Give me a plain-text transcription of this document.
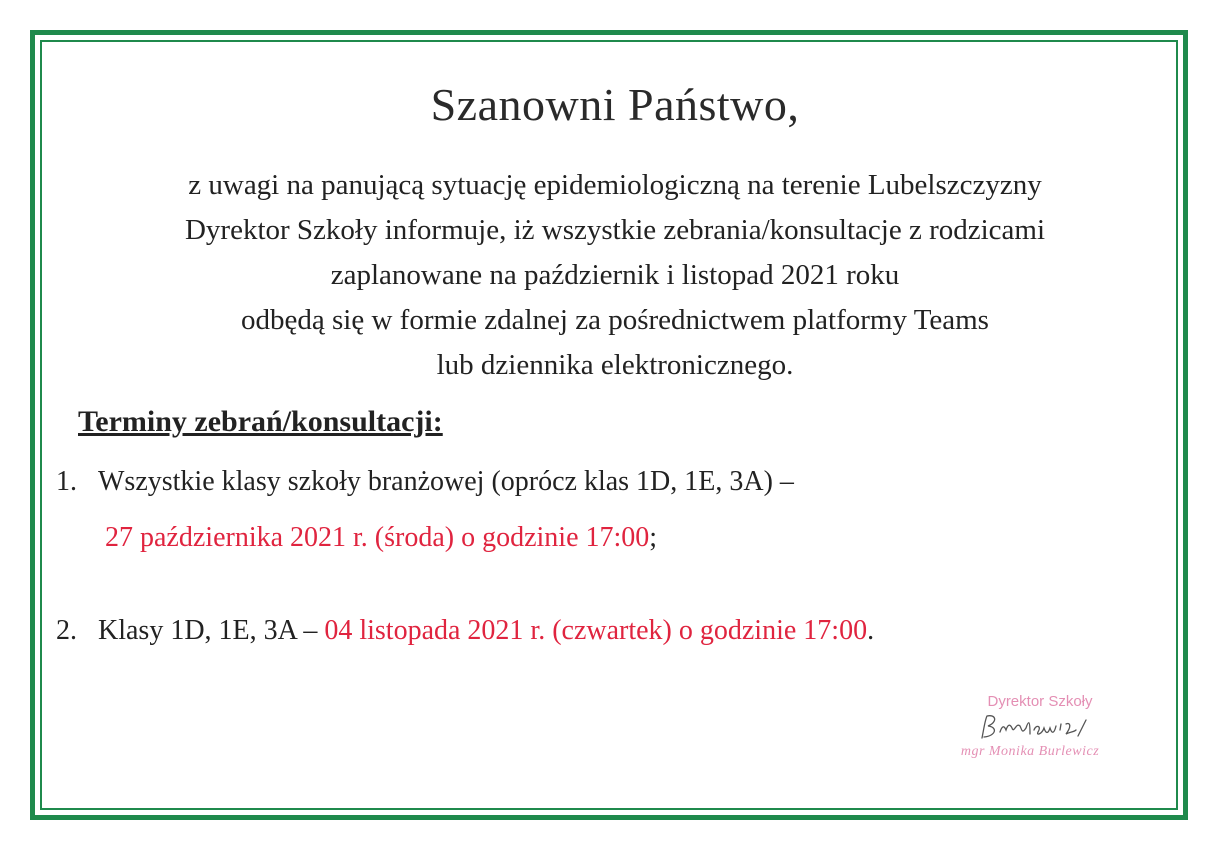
Szanowni Państwo,
z uwagi na panującą sytuację epidemiologiczną na terenie Lubelszczyzny
Dyrektor Szkoły informuje, iż wszystkie zebrania/konsultacje z rodzicami
zaplanowane na październik i listopad 2021 roku
odbędą się w formie zdalnej za pośrednictwem platformy Teams
lub dziennika elektronicznego.
Terminy zebrań/konsultacji:
1. Wszystkie klasy szkoły branżowej (oprócz klas 1D, 1E, 3A) –
27 października 2021 r. (środa) o godzinie 17:00;
2. Klasy 1D, 1E, 3A – 04 listopada 2021 r. (czwartek) o godzinie 17:00.
Dyrektor Szkoły
mgr Monika Burlewicz
